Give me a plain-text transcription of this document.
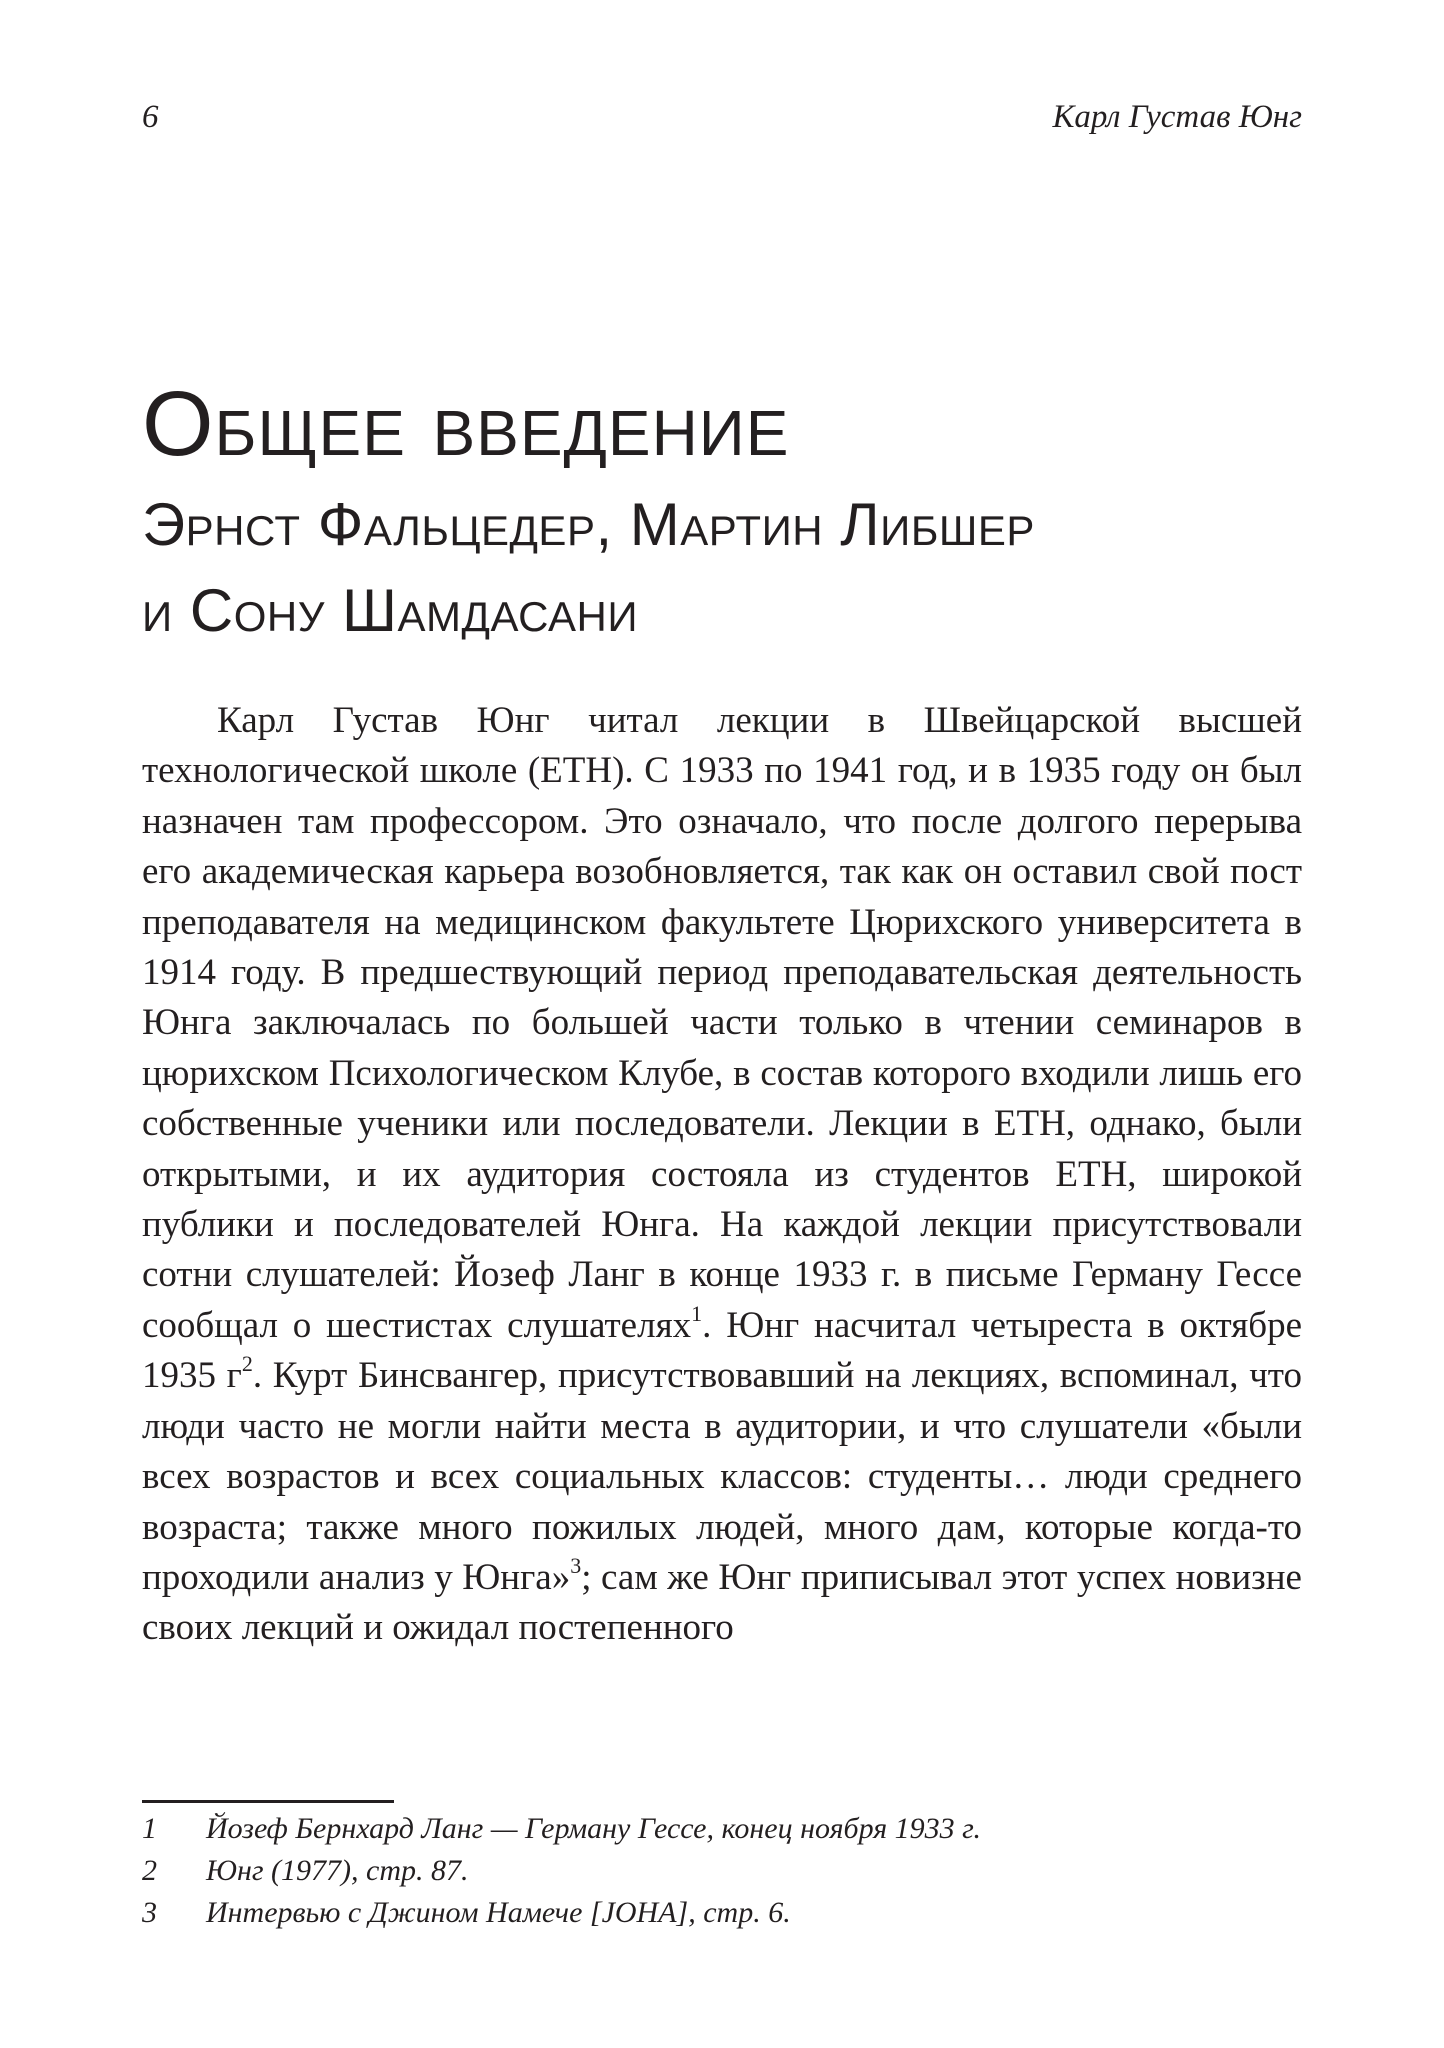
6	Карл Густав Юнг
Общее введение
Эрнст Фальцедер, Мартин Либшер
и Сону Шамдасани

Карл Густав Юнг читал лекции в Швейцарской высшей технологической школе (ETH). С 1933 по 1941 год, и в 1935 году он был назначен там профессором. Это означало, что после долгого перерыва его академическая карьера возобновляется, так как он оставил свой пост преподавателя на медицинском факультете Цюрихского университета в 1914 году. В предшествующий период преподавательская деятельность Юнга заключалась по большей части только в чтении семинаров в цюрихском Психологическом Клубе, в состав которого входили лишь его собственные ученики или последователи. Лекции в ETH, однако, были открытыми, и их аудитория состояла из студентов ETH, широкой публики и последователей Юнга. На каждой лекции присутствовали сотни слушателей: Йозеф Ланг в конце 1933 г. в письме Герману Гессе сообщал о шестистах слушателях$^1$. Юнг насчитал четыреста в октябре 1935 $г^2$. Курт Бинсвангер, присутствовавший на лекциях, вспоминал, что люди часто не могли найти места в аудитории, и что слушатели «были всех возрастов и всех социальных классов: студенты… люди среднего возраста; также много пожилых людей, много дам, которые когда-то проходили анализ у Юнга»$^3$; сам же Юнг приписывал этот успех новизне своих лекций и ожидал постепенного

1	Йозеф Бернхард Ланг — Герману Гессе, конец ноября 1933 г.
2	Юнг (1977), стр. 87.
3	Интервью с Джином Намече [JOHA], стр. 6.
